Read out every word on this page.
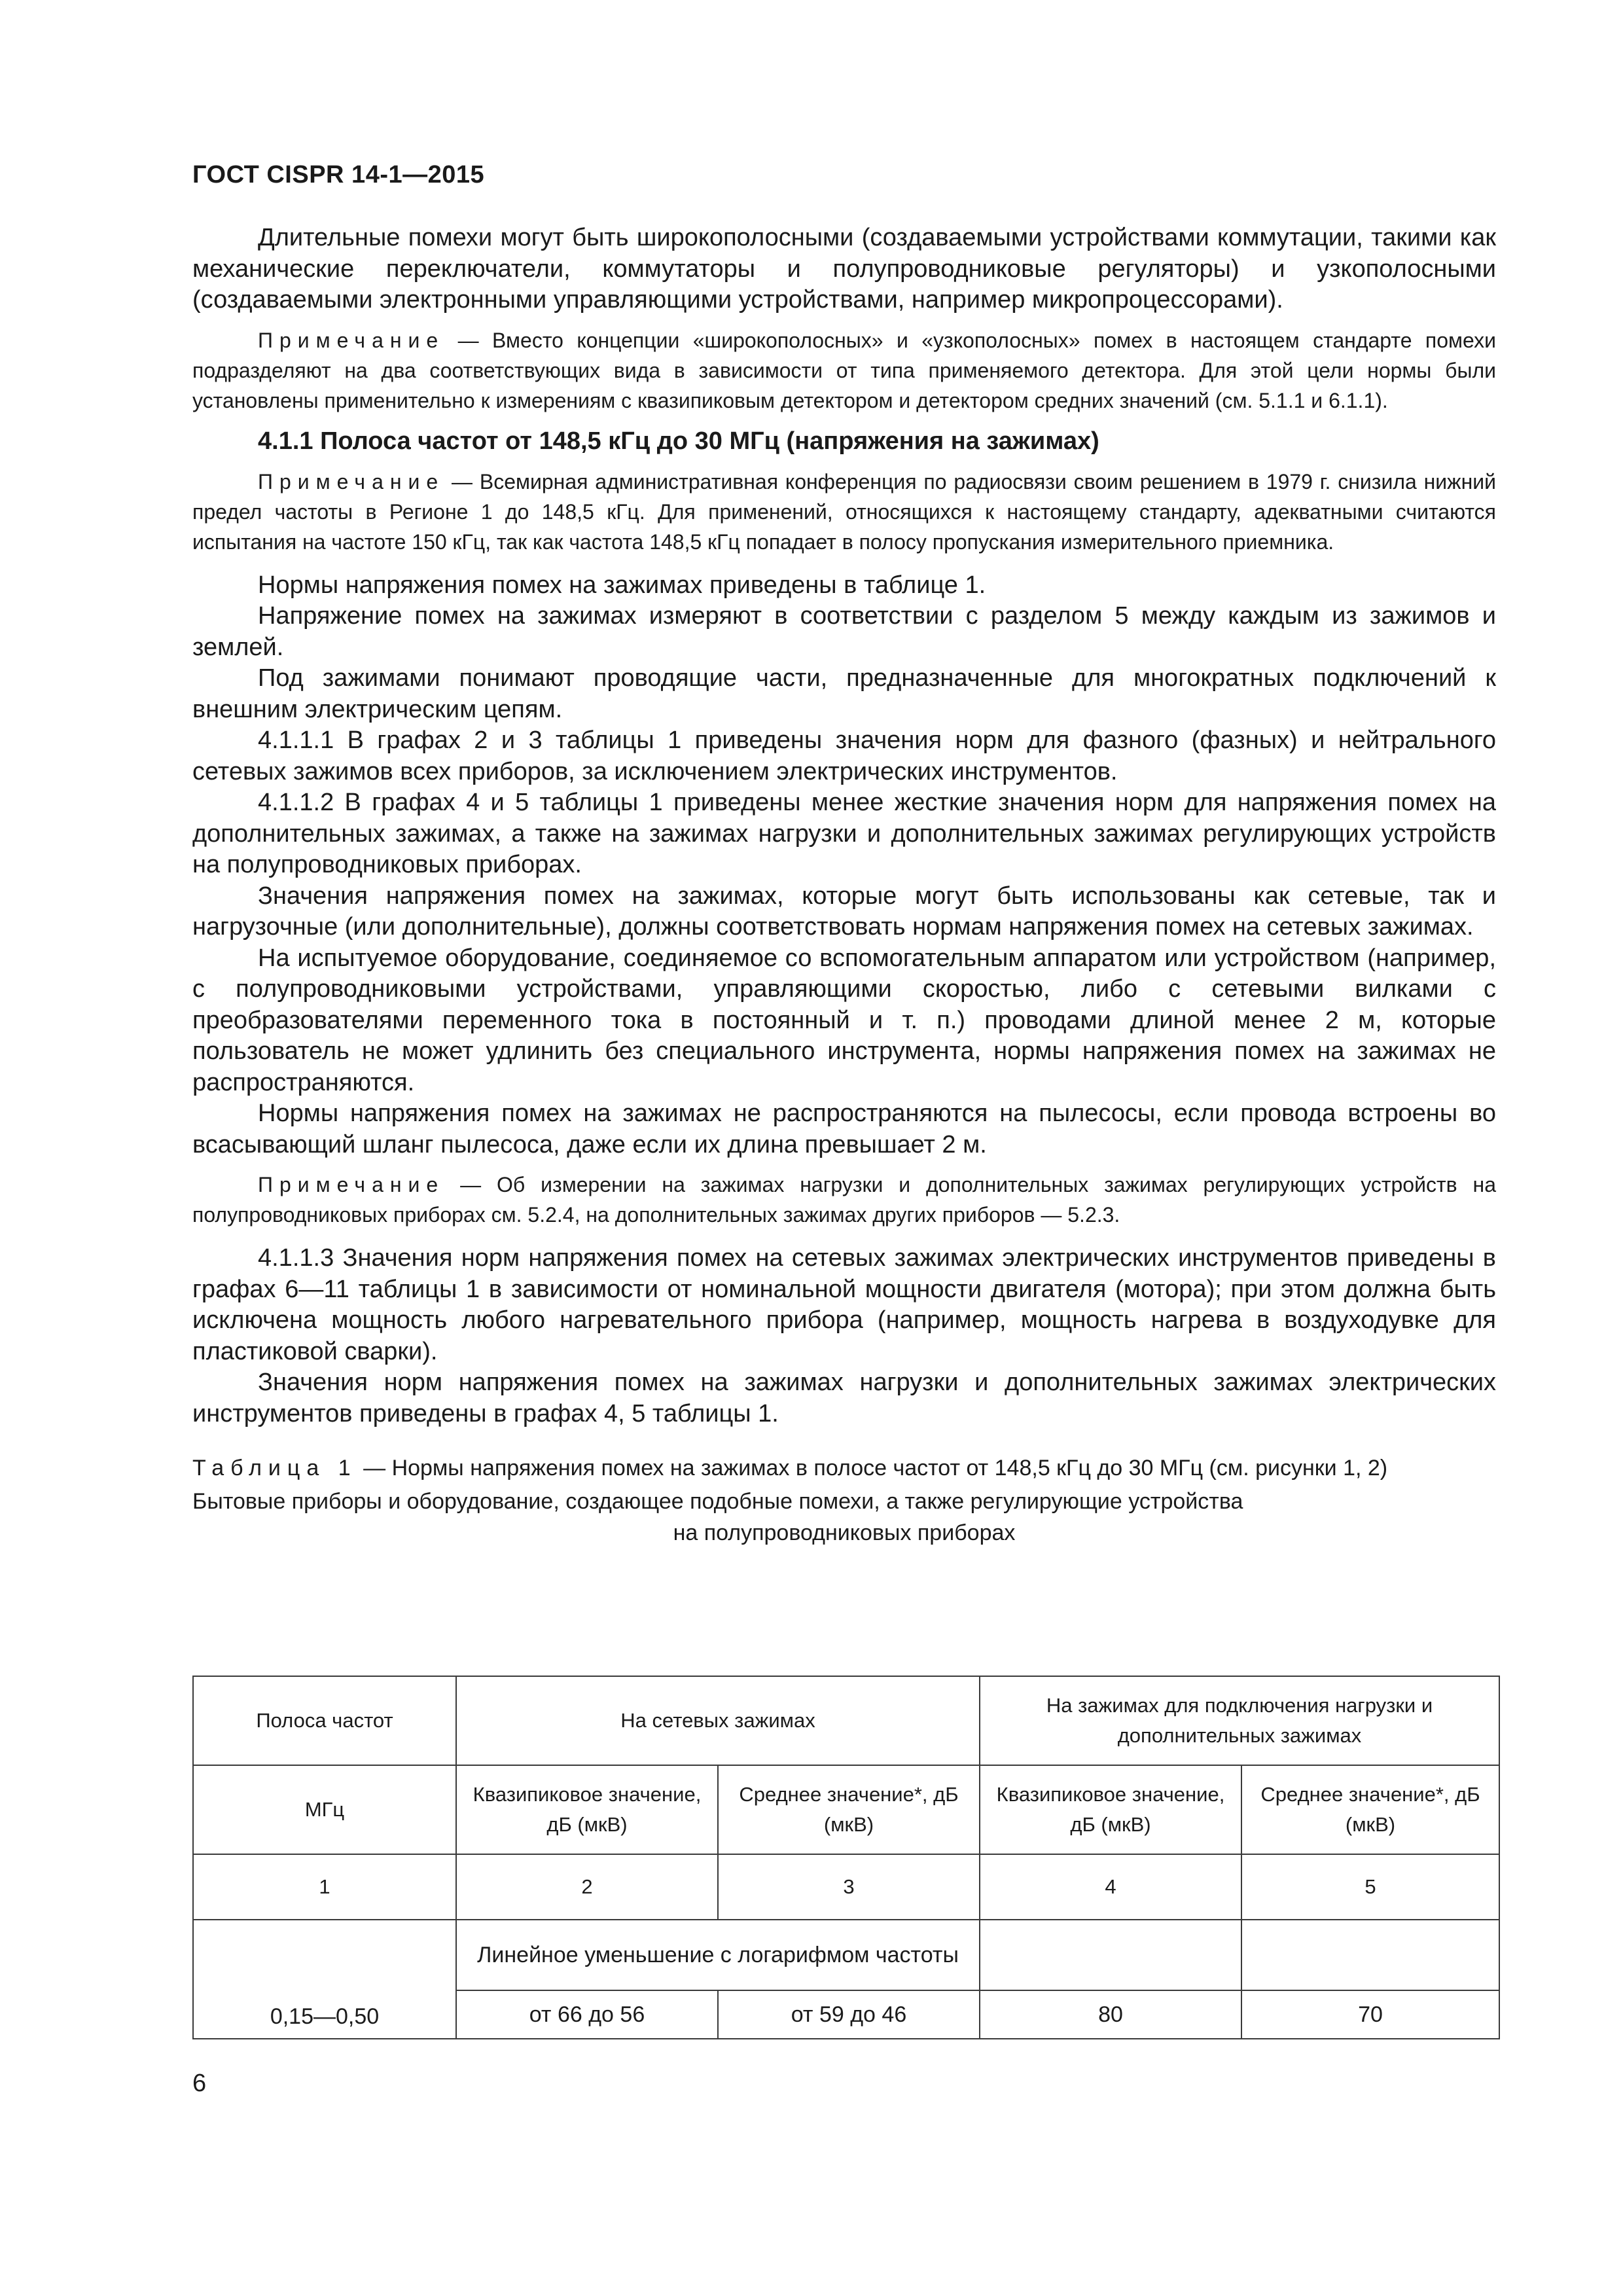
ГОСТ CISPR 14-1—2015

Длительные помехи могут быть широкополосными (создаваемыми устройствами коммутации, такими как механические переключатели, коммутаторы и полупроводниковые регуляторы) и узкополосными (создаваемыми электронными управляющими устройствами, например микропроцессорами).

Примечание — Вместо концепции «широкополосных» и «узкополосных» помех в настоящем стандарте помехи подразделяют на два соответствующих вида в зависимости от типа применяемого детектора. Для этой цели нормы были установлены применительно к измерениям с квазипиковым детектором и детектором средних значений (см. 5.1.1 и 6.1.1).

4.1.1 Полоса частот от 148,5 кГц до 30 МГц (напряжения на зажимах)

Примечание — Всемирная административная конференция по радиосвязи своим решением в 1979 г. снизила нижний предел частоты в Регионе 1 до 148,5 кГц. Для применений, относящихся к настоящему стандарту, адекватными считаются испытания на частоте 150 кГц, так как частота 148,5 кГц попадает в полосу пропускания измерительного приемника.

Нормы напряжения помех на зажимах приведены в таблице 1.

Напряжение помех на зажимах измеряют в соответствии с разделом 5 между каждым из зажимов и землей.

Под зажимами понимают проводящие части, предназначенные для многократных подключений к внешним электрическим цепям.

4.1.1.1 В графах 2 и 3 таблицы 1 приведены значения норм для фазного (фазных) и нейтрального сетевых зажимов всех приборов, за исключением электрических инструментов.

4.1.1.2 В графах 4 и 5 таблицы 1 приведены менее жесткие значения норм для напряжения помех на дополнительных зажимах, а также на зажимах нагрузки и дополнительных зажимах регулирующих устройств на полупроводниковых приборах.

Значения напряжения помех на зажимах, которые могут быть использованы как сетевые, так и нагрузочные (или дополнительные), должны соответствовать нормам напряжения помех на сетевых зажимах.

На испытуемое оборудование, соединяемое со вспомогательным аппаратом или устройством (например, с полупроводниковыми устройствами, управляющими скоростью, либо с сетевыми вилками с преобразователями переменного тока в постоянный и т. п.) проводами длиной менее 2 м, которые пользователь не может удлинить без специального инструмента, нормы напряжения помех на зажимах не распространяются.

Нормы напряжения помех на зажимах не распространяются на пылесосы, если провода встроены во всасывающий шланг пылесоса, даже если их длина превышает 2 м.

Примечание — Об измерении на зажимах нагрузки и дополнительных зажимах регулирующих устройств на полупроводниковых приборах см. 5.2.4, на дополнительных зажимах других приборов — 5.2.3.

4.1.1.3 Значения норм напряжения помех на сетевых зажимах электрических инструментов приведены в графах 6—11 таблицы 1 в зависимости от номинальной мощности двигателя (мотора); при этом должна быть исключена мощность любого нагревательного прибора (например, мощность нагрева в воздуходувке для пластиковой сварки).

Значения норм напряжения помех на зажимах нагрузки и дополнительных зажимах электрических инструментов приведены в графах 4, 5 таблицы 1.

Таблица 1 — Нормы напряжения помех на зажимах в полосе частот от 148,5 кГц до 30 МГц (см. рисунки 1, 2)

Бытовые приборы и оборудование, создающее подобные помехи, а также регулирующие устройства

на полупроводниковых приборах

Полоса частот	На сетевых зажимах		На зажимах для подключения нагрузки и дополнительных зажимах	
МГц	Квазипиковое значение, дБ (мкВ)	Среднее значение*, дБ (мкВ)	Квазипиковое значение, дБ (мкВ)	Среднее значение*, дБ (мкВ)
1	2	3	4	5
0,15—0,50	Линейное уменьшение с логарифмом частоты			
	от 66 до 56	от 59 до 46	80	70
6
